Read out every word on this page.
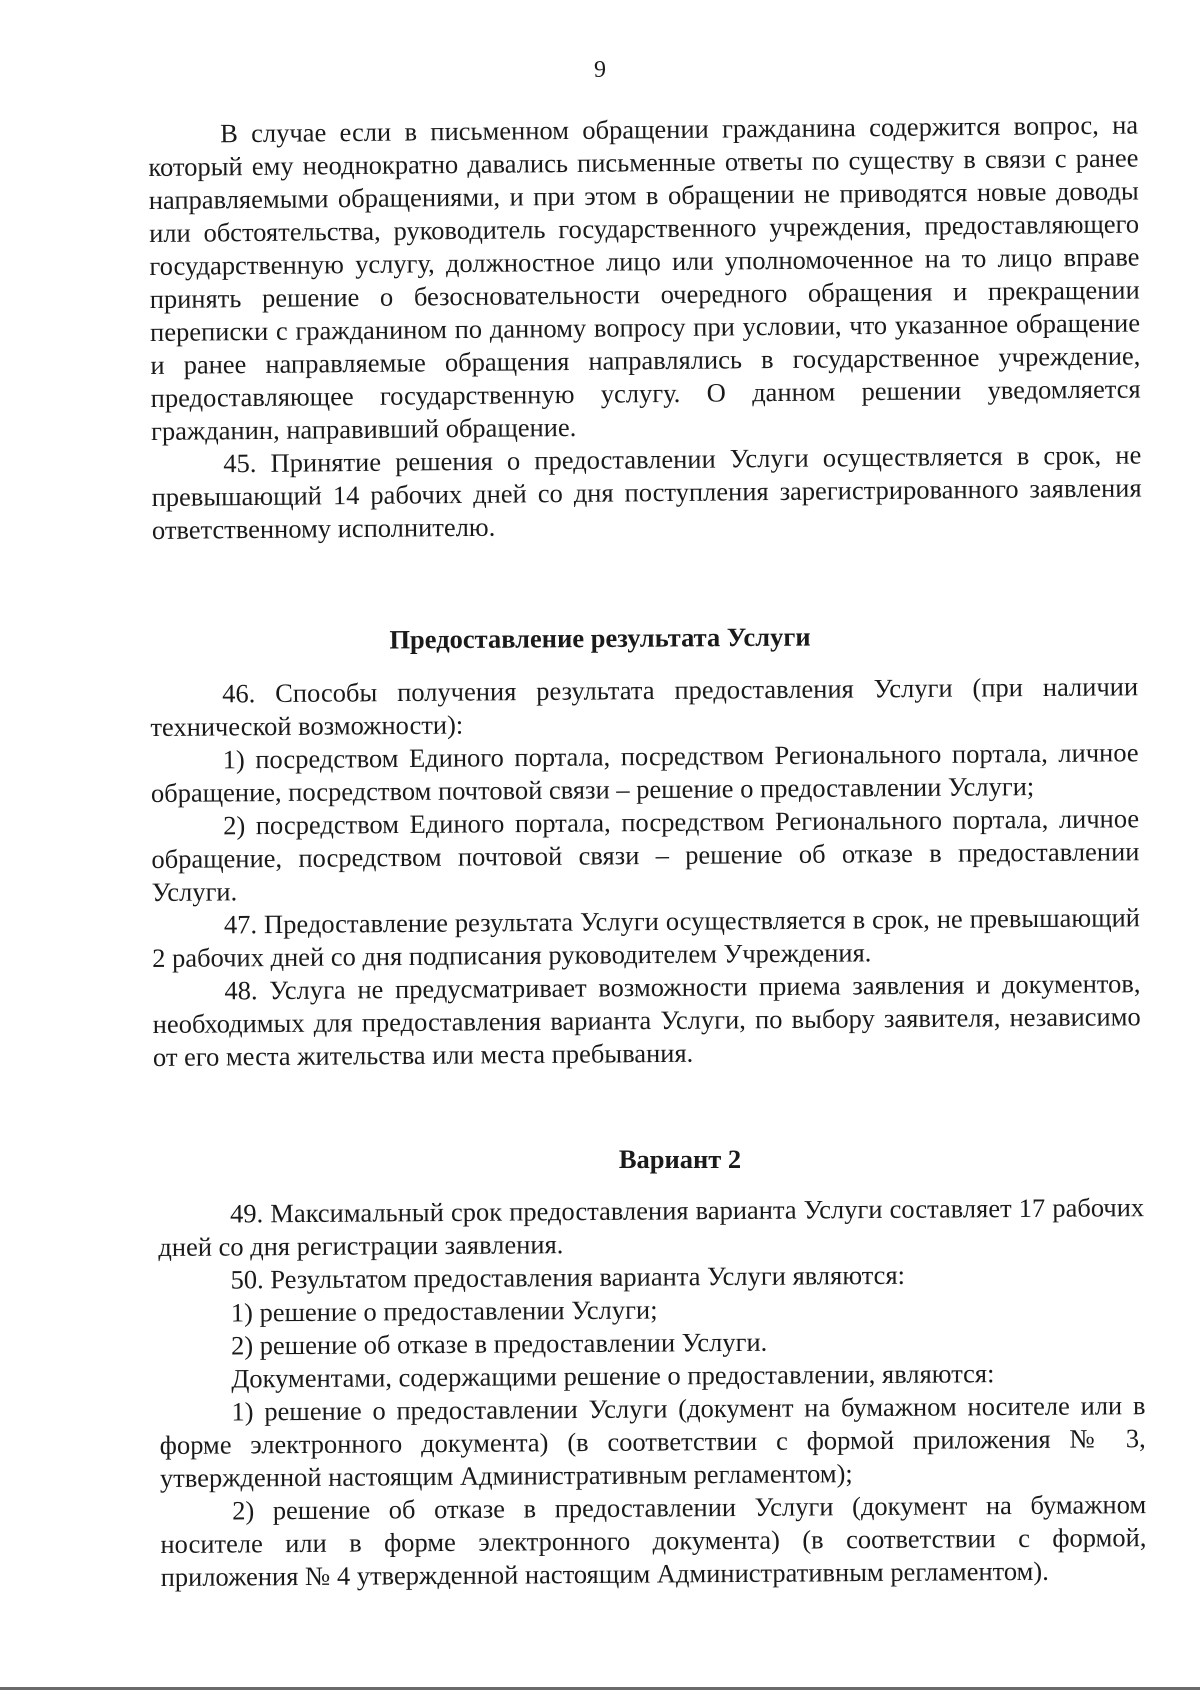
9

В случае если в письменном обращении гражданина содержится вопрос, на который ему неоднократно давались письменные ответы по существу в связи с ранее направляемыми обращениями, и при этом в обращении не приводятся новые доводы или обстоятельства, руководитель государственного учреждения, предоставляющего государственную услугу, должностное лицо или уполномоченное на то лицо вправе принять решение о безосновательности очередного обращения и прекращении переписки с гражданином по данному вопросу при условии, что указанное обращение и ранее направляемые обращения направлялись в государственное учреждение, предоставляющее государственную услугу. О данном решении уведомляется гражданин, направивший обращение.

45. Принятие решения о предоставлении Услуги осуществляется в срок, не превышающий 14 рабочих дней со дня поступления зарегистрированного заявления ответственному исполнителю.

Предоставление результата Услуги

46. Способы получения результата предоставления Услуги (при наличии технической возможности):

1) посредством Единого портала, посредством Регионального портала, личное обращение, посредством почтовой связи – решение о предоставлении Услуги;

2) посредством Единого портала, посредством Регионального портала, личное обращение, посредством почтовой связи – решение об отказе в предоставлении Услуги.

47. Предоставление результата Услуги осуществляется в срок, не превышающий 2 рабочих дней со дня подписания руководителем Учреждения.

48. Услуга не предусматривает возможности приема заявления и документов, необходимых для предоставления варианта Услуги, по выбору заявителя, независимо от его места жительства или места пребывания.

Вариант 2

49. Максимальный срок предоставления варианта Услуги составляет 17 рабочих дней со дня регистрации заявления.

50. Результатом предоставления варианта Услуги являются:

1) решение о предоставлении Услуги;

2) решение об отказе в предоставлении Услуги.

Документами, содержащими решение о предоставлении, являются:

1) решение о предоставлении Услуги (документ на бумажном носителе или в форме электронного документа) (в соответствии с формой приложения № 3, утвержденной настоящим Административным регламентом);

2) решение об отказе в предоставлении Услуги (документ на бумажном носителе или в форме электронного документа) (в соответствии с формой, приложения № 4 утвержденной настоящим Административным регламентом).
